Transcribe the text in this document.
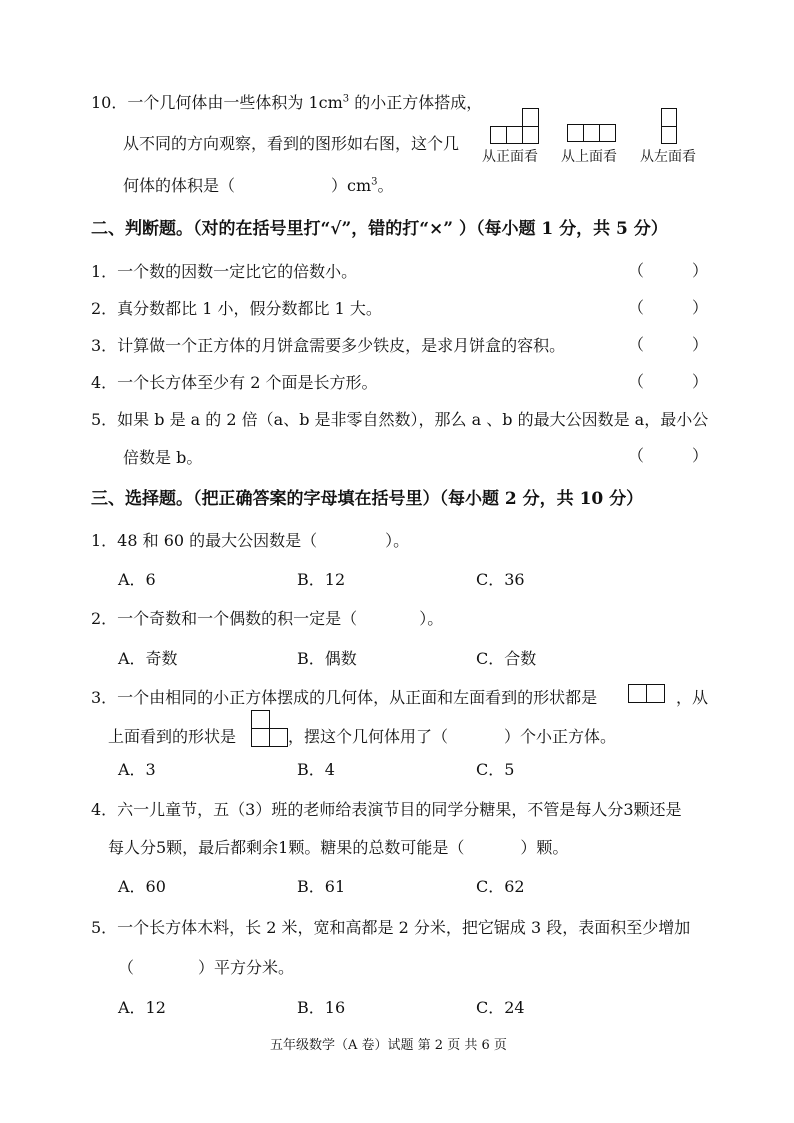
10．一个几何体由一些体积为 $1cm^3$ 的小正方体搭成，
从不同的方向观察，看到的图形如右图，这个几
何体的体积是（	）$cm^3$。
从正面看 从上面看 从左面看
二、判断题。（对的在括号里打“√”，错的打“×” ）（每小题 1 分，共 5 分）
1．一个数的因数一定比它的倍数小。	（	）
2．真分数都比 1 小，假分数都比 1 大。	（	）
3．计算做一个正方体的月饼盒需要多少铁皮，是求月饼盒的容积。	（	）
4．一个长方体至少有 2 个面是长方形。	（	）
5．如果 b 是 a 的 2 倍（a、b 是非零自然数），那么 a 、b 的最大公因数是 a，最小公
倍数是 b。	（	）
三、选择题。（把正确答案的字母填在括号里）（每小题 2 分，共 10 分）
1．48 和 60 的最大公因数是（	）。
A．6	B．12	C．36
2．一个奇数和一个偶数的积一定是（	）。
A．奇数	B．偶数	C．合数
3．一个由相同的小正方体摆成的几何体，从正面和左面看到的形状都是	，从
上面看到的形状是	，摆这个几何体用了（	）个小正方体。
A．3	B．4	C．5
4．六一儿童节，五（3）班的老师给表演节目的同学分糖果，不管是每人分3颗还是
每人分5颗，最后都剩余1颗。糖果的总数可能是（	）颗。
A．60	B．61	C．62
5．一个长方体木料，长 2 米，宽和高都是 2 分米，把它锯成 3 段，表面积至少增加
（	）平方分米。
A．12	B．16	C．24
五年级数学（A 卷）试题 第 2 页 共 6 页
